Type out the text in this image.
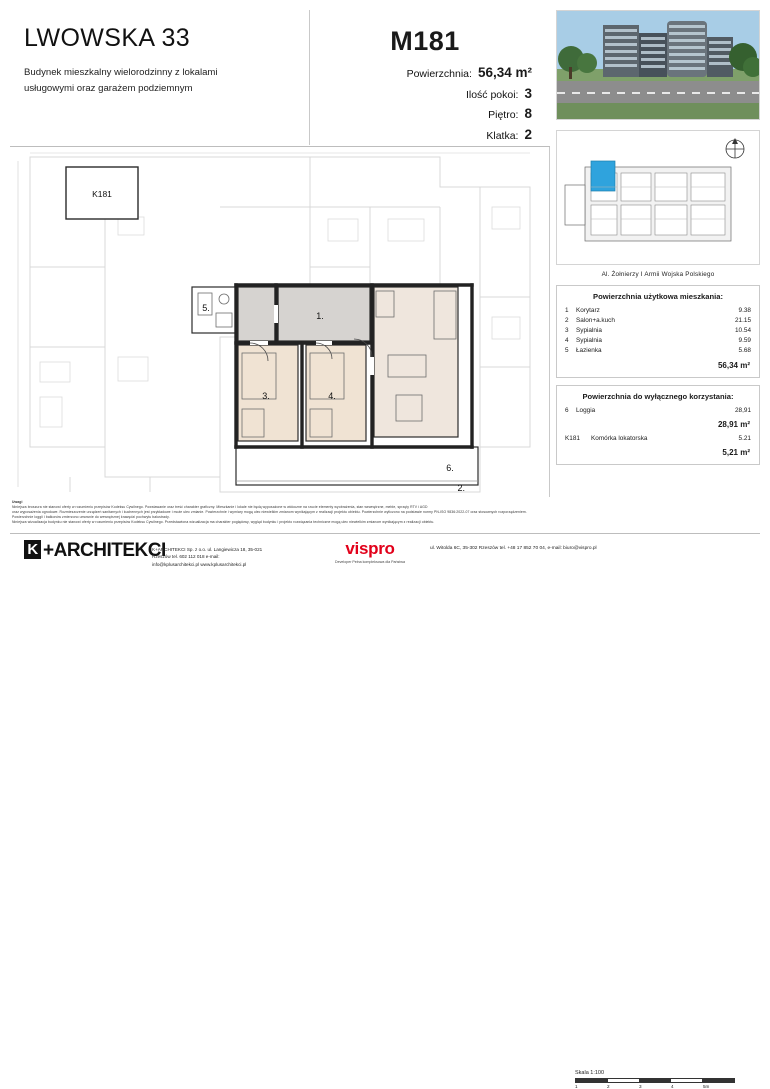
LWOWSKA 33

Budynek mieszkalny wielorodzinny z lokalami usługowymi oraz garażem podziemnym

M181
Powierzchnia: 56,34 m²
Ilość pokoi: 3
Piętro: 8
Klatka: 2
1.
2.
3.	4.
5.
6.
K181
Uwagi
Niniejsza broszura nie stanowi oferty w rozumieniu przepisów Kodeksu Cywilnego. Powstawanie oraz treść charakter graficzny. Mieszkanie i lokale nie będą wyposażone w widoczne na rzucie elementy wyobrażenia, stan wewnętrzne, meble, sprzęty RTV i AGD
oraz wyposażenia ogrodowe. Rozmieszczenie urządzeń sanitarnych i kuchennych jest przykładowe i może ulec zmianie. Powierzchnie i wymiary mogą ulec niewielkim zmianom wynikającym z realizacji projektu obiektu. Powierzchnie wyliczono na podstawie normy PN-ISO 9836:2022-07 oraz stosownych rozporządzeniem.
Powierzchnie loggii i balkonów zmierzono umownie do wewnętrznej krawędzi pochwytu balustrady.
Niniejsza wizualizacja budynku nie stanowi oferty w rozumieniu przepisów Kodeksu Cywilnego. Przedstawiona wizualizacja ma charakter poglądowy, wygląd budynku i projekto rozwiązania techniczne mogą ulec niewielkim zmianom wynikającym z realizacji obiektu.
Al. Żołnierzy I Armii Wojska Polskiego
Powierzchnia użytkowa mieszkania:
1	Korytarz	9.38
2	Salon+a.kuch	21.15
3	Sypialnia	10.54
4	Sypialnia	9.59
5	Łazienka	5.68
56,34 m²
Powierzchnia do wyłącznego korzystania:
6	Loggia	28,91
28,91 m²
K181	Komórka lokatorska	5.21
5,21 m²
K +ARCHITEKCI
K+ARCHITEKCI Sp. z o.o. ul. Langiewicza 18, 35-021 Rzeszów tel. 602 112 018 e-mail: info@kplusarchitekci.pl www.kplusarchitekci.pl
vispro
Developer Pełna kompleksowa dla Państwa
ul. Witolda 6C, 35-302 Rzeszów tel. +48 17 852 70 04, e-mail: biuro@vispro.pl
Skala 1:100
1	2	3	4	5m
